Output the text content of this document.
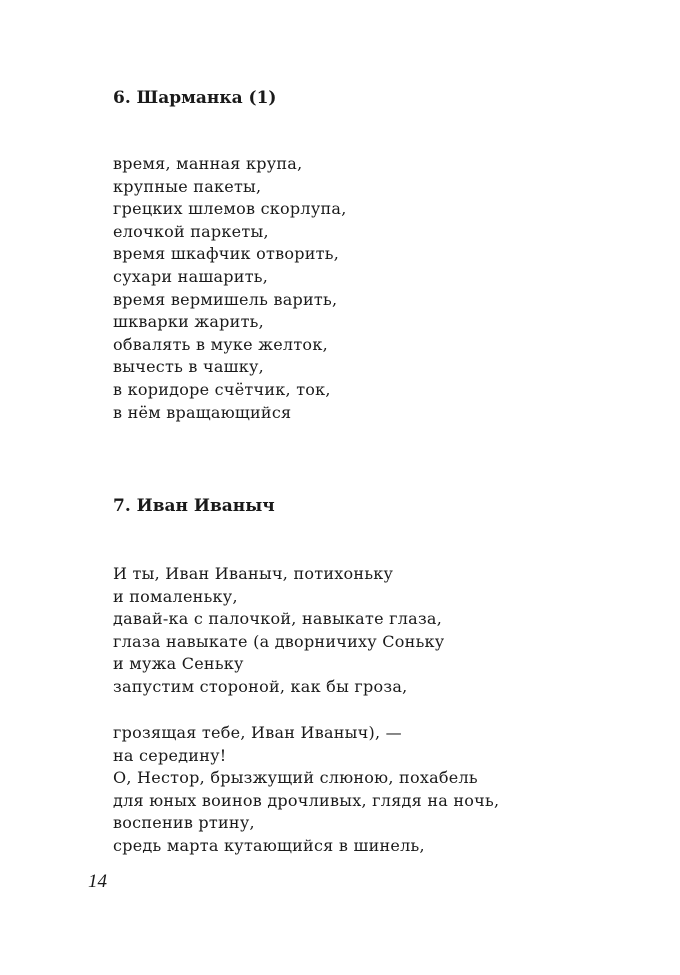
6. Шарманка (1)
время, манная крупа,
крупные пакеты,
грецких шлемов скорлупа,
елочкой паркеты,
время шкафчик отворить,
сухари нашарить,
время вермишель варить,
шкварки жарить,
обвалять в муке желток,
вычесть в чашку,
в коридоре счётчик, ток,
в нём вращающийся
7. Иван Иваныч
И ты, Иван Иваныч, потихоньку
и помаленьку,
давай-ка с палочкой, навыкате глаза,
глаза навыкате (а дворничиху Соньку
и мужа Сеньку
запустим стороной, как бы гроза,
грозящая тебе, Иван Иваныч), —
на середину!
О, Нестор, брызжущий слюною, похабель
для юных воинов дрочливых, глядя на ночь,
воспенив ртину,
средь марта кутающийся в шинель,
14
